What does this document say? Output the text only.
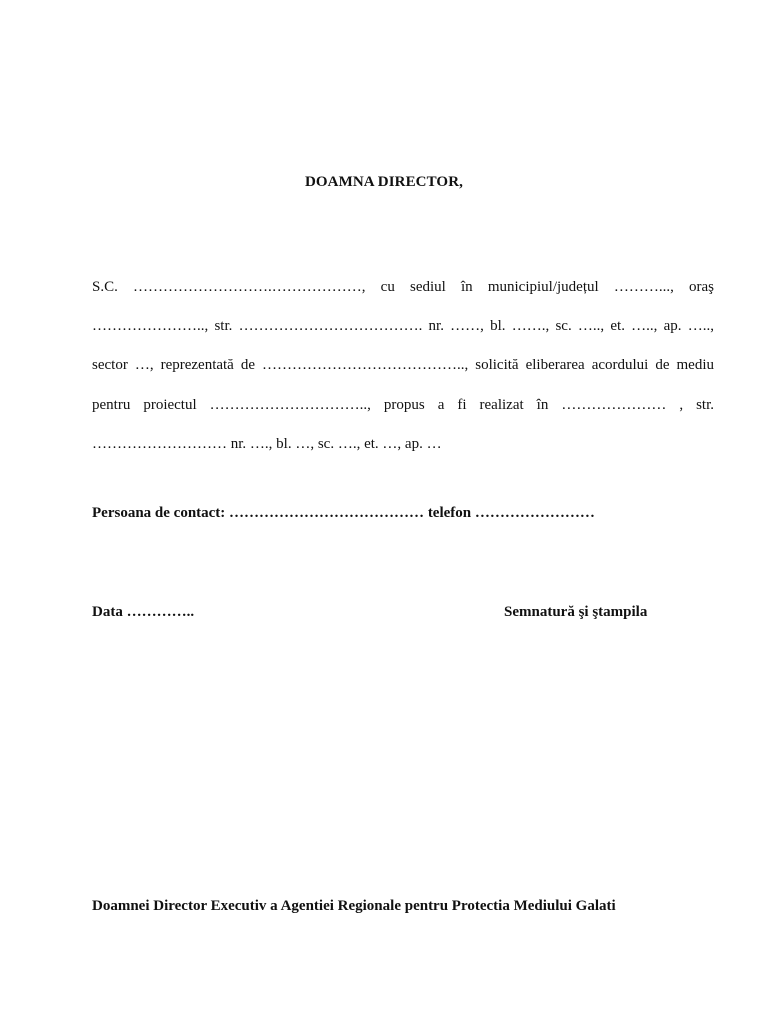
DOAMNA DIRECTOR,
S.C. ……………………….………………, cu sediul în municipiul/județul ………..., oraş ………………….., str. ………………………………. nr. ……, bl. ……., sc. ….., et. ….., ap. ….., sector …, reprezentată de ………………………………….., solicită eliberarea acordului de mediu pentru proiectul ………………………….., propus a fi realizat în ………………… , str. ……………………… nr. …., bl. …, sc. …., et. …, ap. …
Persoana de contact: ………………………………… telefon ……………………
Data …………..	Semnatură şi ştampila
Doamnei Director Executiv a Agentiei Regionale pentru Protectia Mediului Galati
